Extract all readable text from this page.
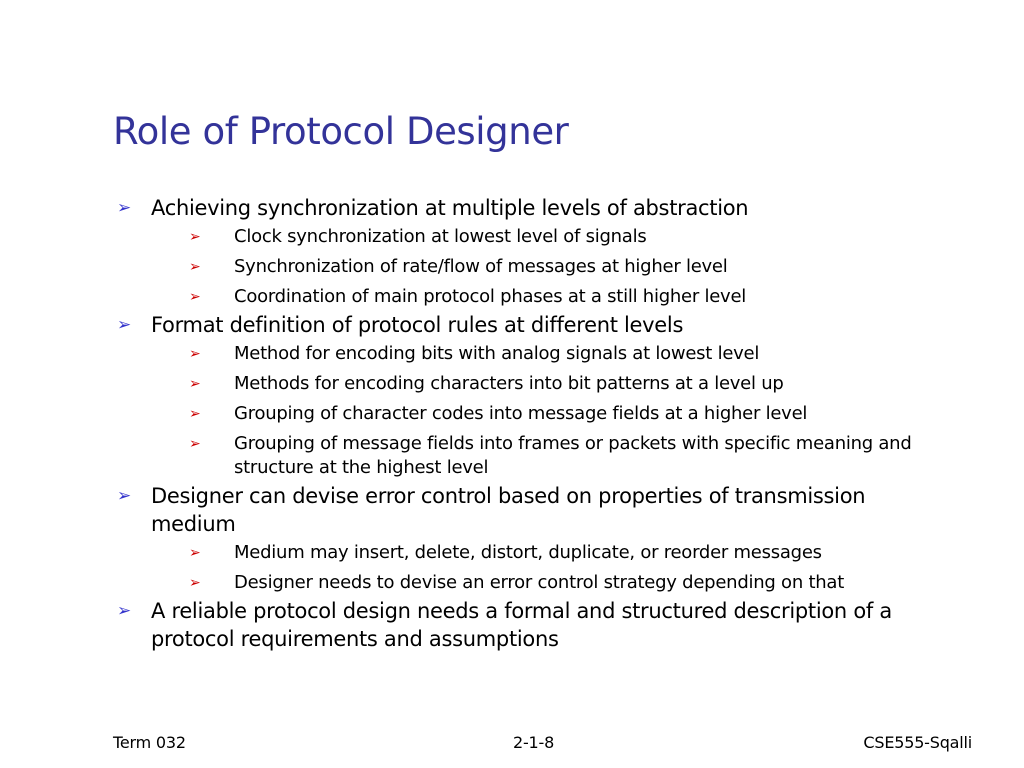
Role of Protocol Designer
➢ Achieving synchronization at multiple levels of abstraction
➢ Clock synchronization at lowest level of signals
➢ Synchronization of rate/flow of messages at higher level
➢ Coordination of main protocol phases at a still higher level
➢ Format definition of protocol rules at different levels
➢ Method for encoding bits with analog signals at lowest level
➢ Methods for encoding characters into bit patterns at a level up
➢ Grouping of character codes into message fields at a higher level
➢ Grouping of message fields into frames or packets with specific meaning and structure at the highest level
➢ Designer can devise error control based on properties of transmission medium
➢ Medium may insert, delete, distort, duplicate, or reorder messages
➢ Designer needs to devise an error control strategy depending on that
➢ A reliable protocol design needs a formal and structured description of a protocol requirements and assumptions
Term 032	2-1-8	CSE555-Sqalli
